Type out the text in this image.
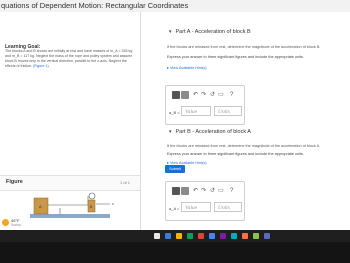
quations of Dependent Motion: Rectangular Coordinates
Learning Goal:
The blocks A and B shown are initially at rest and have masses of m_A = 335 kg and m_B = 117 kg. Neglect the mass of the rope and pulley system and assume block B moves only in the vertical direction, parallel to the x-axis. Neglect the effects of friction. (Figure 1)
Figure	1 of 1
A	B
x
46°F
Sunny
▼ Part A - Acceleration of block B
If the blocks are released from rest, determine the magnitude of the acceleration of block B.
Express your answer to three significant figures and include the appropriate units.
▸ View Available Hint(s)
↶ ↷ ↺ ▭ ?
a_B = Value	Units
Submit
▼ Part B - Acceleration of block A
If the blocks are released from rest, determine the magnitude of the acceleration of block A.
Express your answer to three significant figures and include the appropriate units.
▸ View Available Hint(s)
↶ ↷ ↺ ▭ ?
a_A =	Value	Units
